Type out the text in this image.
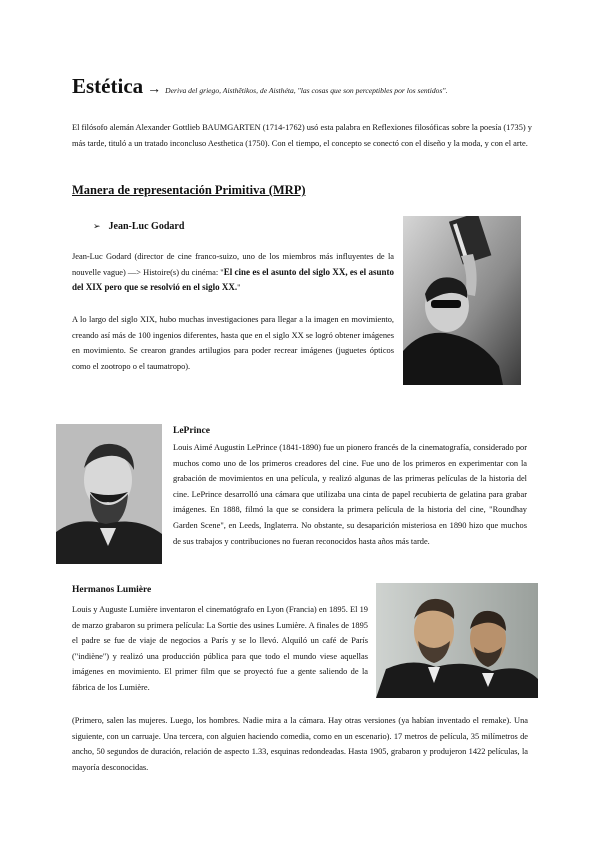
Estética → Deriva del griego, Aisthētikos, de Aisthéta, "las cosas que son perceptibles por los sentidos".

El filósofo alemán Alexander Gottlieb BAUMGARTEN (1714-1762) usó esta palabra en Reflexiones filosóficas sobre la poesía (1735) y más tarde, tituló a un tratado inconcluso Aesthetica (1750). Con el tiempo, el concepto se conectó con el diseño y la moda, y con el arte.

Manera de representación Primitiva (MRP)
➢ Jean-Luc Godard

Jean-Luc Godard (director de cine franco-suizo, uno de los miembros más influyentes de la nouvelle vague) —> Histoire(s) du cinéma: "El cine es el asunto del siglo XX, es el asunto del XIX pero que se resolvió en el siglo XX."

A lo largo del siglo XIX, hubo muchas investigaciones para llegar a la imagen en movimiento, creando así más de 100 ingenios diferentes, hasta que en el siglo XX se logró obtener imágenes en movimiento. Se crearon grandes artilugios para poder recrear imágenes (juguetes ópticos como el zootropo o el taumatropo).

LePrince

Louis Aimé Augustin LePrince (1841-1890) fue un pionero francés de la cinematografía, considerado por muchos como uno de los primeros creadores del cine. Fue uno de los primeros en experimentar con la grabación de movimientos en una película, y realizó algunas de las primeras películas de la historia del cine. LePrince desarrolló una cámara que utilizaba una cinta de papel recubierta de gelatina para grabar imágenes. En 1888, filmó la que se considera la primera película de la historia del cine, "Roundhay Garden Scene", en Leeds, Inglaterra. No obstante, su desaparición misteriosa en 1890 hizo que muchos de sus trabajos y contribuciones no fueran reconocidos hasta años más tarde.

Hermanos Lumière

Louis y Auguste Lumière inventaron el cinematógrafo en Lyon (Francia) en 1895. El 19 de marzo grabaron su primera película: La Sortie des usines Lumière. A finales de 1895 el padre se fue de viaje de negocios a París y se lo llevó. Alquiló un café de París ("indiène") y realizó una producción pública para que todo el mundo viese aquellas imágenes en movimiento. El primer film que se proyectó fue a gente saliendo de la fábrica de los Lumière.

(Primero, salen las mujeres. Luego, los hombres. Nadie mira a la cámara. Hay otras versiones (ya habían inventado el remake). Una siguiente, con un carruaje. Una tercera, con alguien haciendo comedia, como en un escenario). 17 metros de película, 35 milímetros de ancho, 50 segundos de duración, relación de aspecto 1.33, esquinas redondeadas. Hasta 1905, grabaron y produjeron 1422 películas, la mayoría desconocidas.
